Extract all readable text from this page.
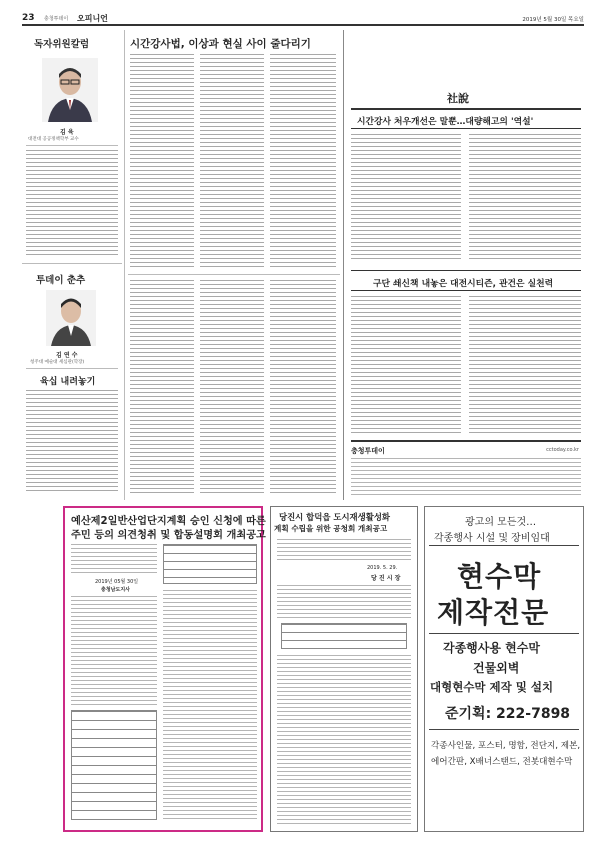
23 충청투데이 오피니언	2019년 5월 30일 목요일
독자위원칼럼
김 육
대전대 공공정책학부 교수
투데이 춘추
김 연 수
청주대 예술대 세심관(학장)
육십 내려놓기
시간강사법, 이상과 현실 사이 줄다리기
社說
시간강사 처우개선은 말뿐…대량해고의 '역설'
구단 쇄신책 내놓은 대전시티즌, 관건은 실천력
충청투데이	cctoday.co.kr
예산제2일반산업단지계획 승인 신청에 따른
주민 등의 의견청취 및 합동설명회 개최공고
2019년 05월 30일
충청남도지사
당진시 합덕읍 도시재생활성화
계획 수립을 위한 공청회 개최공고
2019. 5. 29.
당 진 시 장
광고의 모든것…
각종행사 시설 및 장비임대
현수막
제작전문
각종행사용 현수막
건물외벽
대형현수막 제작 및 설치
준기획: 222-7898
각종사인물, 포스터, 명함, 전단지, 제본,
에어간판, X배너스탠드, 전봇대현수막
